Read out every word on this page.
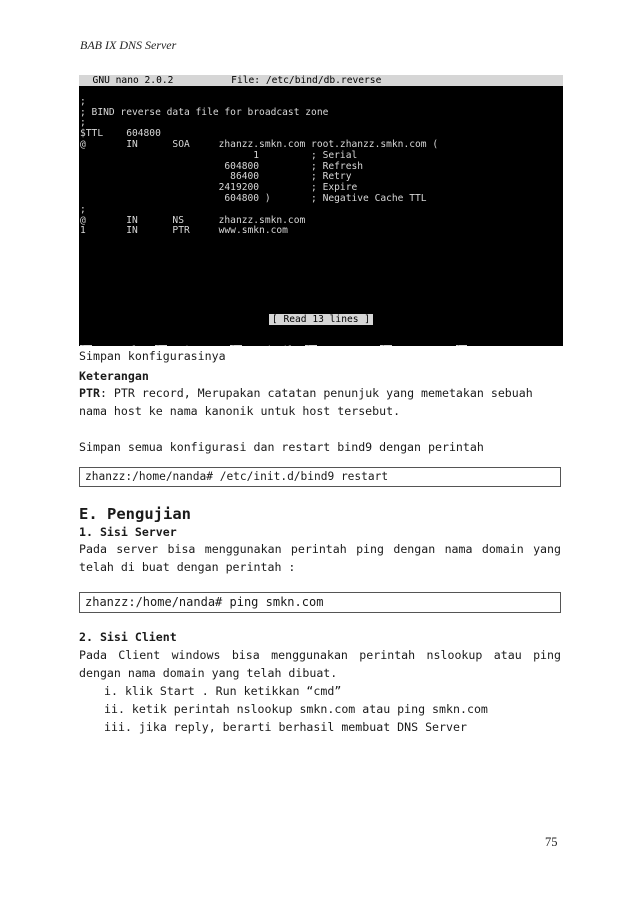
BAB IX DNS Server
GNU nano 2.0.2          File: /etc/bind/db.reverse
;
; BIND reverse data file for broadcast zone
;
$TTL    604800
@       IN      SOA     zhanzz.smkn.com root.zhanzz.smkn.com (
1         ; Serial
604800         ; Refresh
86400         ; Retry
2419200         ; Expire
604800 )       ; Negative Cache TTL
;
@       IN      NS      zhanzz.smkn.com
1       IN      PTR     www.smkn.com
[ Read 13 lines ]

Simpan konfigurasinya
Keterangan
PTR: PTR record, Merupakan catatan penunjuk yang memetakan sebuah
nama host ke nama kanonik untuk host tersebut.
Simpan semua konfigurasi dan restart bind9 dengan perintah
zhanzz:/home/nanda# /etc/init.d/bind9 restart
E. Pengujian
1. Sisi Server
Pada server bisa menggunakan perintah ping dengan nama domain yang
telah di buat dengan perintah :
zhanzz:/home/nanda# ping smkn.com
2. Sisi Client
Pada Client windows bisa menggunakan perintah nslookup atau ping
dengan nama domain yang telah dibuat.
i. klik Start . Run ketikkan “cmd”
ii. ketik perintah nslookup smkn.com atau ping smkn.com
iii. jika reply, berarti berhasil membuat DNS Server
75
